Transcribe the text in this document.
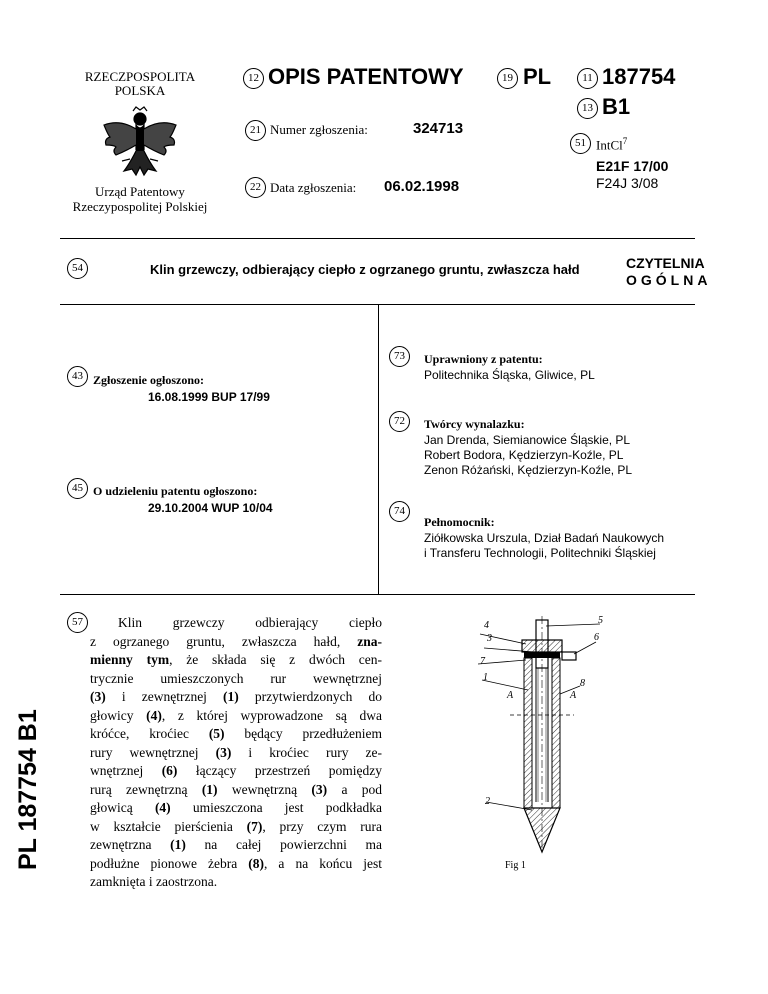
RZECZPOSPOLITA
POLSKA
Urząd Patentowy
Rzeczypospolitej Polskiej
12 OPIS PATENTOWY	19 PL	11 187754
13 B1
21 Numer zgłoszenia:	324713
51 IntCl$^7$
E21F 17/00
F24J 3/08
22 Data zgłoszenia: 06.02.1998
54	Klin grzewczy, odbierający ciepło z ogrzanego gruntu, zwłaszcza hałd	CZYTELNIA
OGÓLNA
43 Zgłoszenie ogłoszono:
16.08.1999 BUP 17/99
45 O udzieleniu patentu ogłoszono:
29.10.2004 WUP 10/04
73	Uprawniony z patentu:
Politechnika Śląska, Gliwice, PL
72	Twórcy wynalazku:
Jan Drenda, Siemianowice Śląskie, PL
Robert Bodora, Kędzierzyn-Koźle, PL
Zenon Różański, Kędzierzyn-Koźle, PL
74
Pełnomocnik:
Ziółkowska Urszula, Dział Badań Naukowych
i Transferu Technologii, Politechniki Śląskiej
57	Klin grzewczy odbierający ciepło
z ogrzanego gruntu, zwłaszcza hałd, zna-
mienny tym, że składa się z dwóch cen-
trycznie umieszczonych rur wewnętrznej
(3) i zewnętrznej (1) przytwierdzonych do
głowicy (4), z której wyprowadzone są dwa
króćce, kroćiec (5) będący przedłużeniem
rury wewnętrznej (3) i kroćiec rury ze-
wnętrznej (6) łączący przestrzeń pomiędzy
rurą zewnętrzną (1) wewnętrzną (3) a pod
głowicą (4) umieszczona jest podkładka
w kształcie pierścienia (7), przy czym rura
zewnętrzna (1) na całej powierzchni ma
podłużne pionowe żebra (8), a na końcu jest
zamknięta i zaostrzona.
PL 187754 B1
4
3
7
1
5
6
8
A	A
2
Fig 1
